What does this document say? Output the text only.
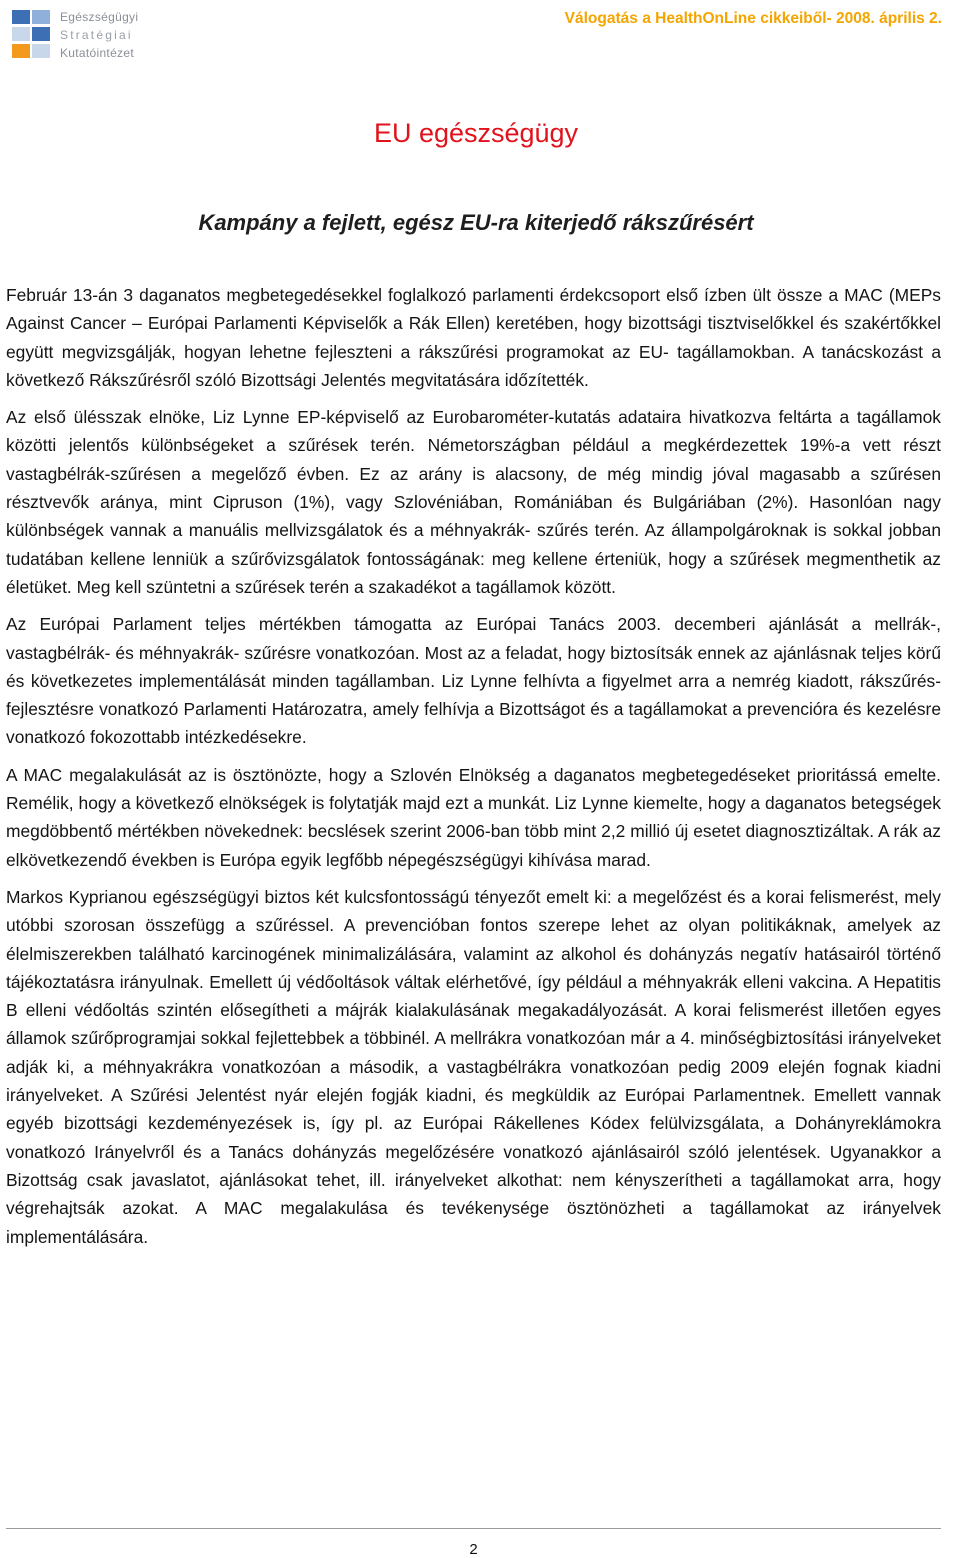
Egészségügyi
Stratégiai
Kutatóintézet
Válogatás a HealthOnLine cikkeiből- 2008. április 2.
EU egészségügy
Kampány a fejlett, egész EU-ra kiterjedő rákszűrésért

Február 13-án 3 daganatos megbetegedésekkel foglalkozó parlamenti érdekcsoport első ízben ült össze a MAC (MEPs Against Cancer – Európai Parlamenti Képviselők a Rák Ellen) keretében, hogy bizottsági tisztviselőkkel és szakértőkkel együtt megvizsgálják, hogyan lehetne fejleszteni a rákszűrési programokat az EU- tagállamokban. A tanácskozást a következő Rákszűrésről szóló Bizottsági Jelentés megvitatására időzítették.

Az első ülésszak elnöke, Liz Lynne EP-képviselő az Eurobarométer-kutatás adataira hivatkozva feltárta a tagállamok közötti jelentős különbségeket a szűrések terén. Németországban például a megkérdezettek 19%-a vett részt vastagbélrák-szűrésen a megelőző évben. Ez az arány is alacsony, de még mindig jóval magasabb a szűrésen résztvevők aránya, mint Cipruson (1%), vagy Szlovéniában, Romániában és Bulgáriában (2%). Hasonlóan nagy különbségek vannak a manuális mellvizsgálatok és a méhnyakrák- szűrés terén. Az állampolgároknak is sokkal jobban tudatában kellene lenniük a szűrővizsgálatok fontosságának: meg kellene érteniük, hogy a szűrések megmenthetik az életüket. Meg kell szüntetni a szűrések terén a szakadékot a tagállamok között.

Az Európai Parlament teljes mértékben támogatta az Európai Tanács 2003. decemberi ajánlását a mellrák-, vastagbélrák- és méhnyakrák- szűrésre vonatkozóan. Most az a feladat, hogy biztosítsák ennek az ajánlásnak teljes körű és következetes implementálását minden tagállamban. Liz Lynne felhívta a figyelmet arra a nemrég kiadott, rákszűrés-fejlesztésre vonatkozó Parlamenti Határozatra, amely felhívja a Bizottságot és a tagállamokat a prevencióra és kezelésre vonatkozó fokozottabb intézkedésekre.

A MAC megalakulását az is ösztönözte, hogy a Szlovén Elnökség a daganatos megbetegedéseket prioritássá emelte. Remélik, hogy a következő elnökségek is folytatják majd ezt a munkát. Liz Lynne kiemelte, hogy a daganatos betegségek megdöbbentő mértékben növekednek: becslések szerint 2006-ban több mint 2,2 millió új esetet diagnosztizáltak. A rák az elkövetkezendő években is Európa egyik legfőbb népegészségügyi kihívása marad.

Markos Kyprianou egészségügyi biztos két kulcsfontosságú tényezőt emelt ki: a megelőzést és a korai felismerést, mely utóbbi szorosan összefügg a szűréssel. A prevencióban fontos szerepe lehet az olyan politikáknak, amelyek az élelmiszerekben található karcinogének minimalizálására, valamint az alkohol és dohányzás negatív hatásairól történő tájékoztatásra irányulnak. Emellett új védőoltások váltak elérhetővé, így például a méhnyakrák elleni vakcina. A Hepatitis B elleni védőoltás szintén elősegítheti a májrák kialakulásának megakadályozását. A korai felismerést illetően egyes államok szűrőprogramjai sokkal fejlettebbek a többinél. A mellrákra vonatkozóan már a 4. minőségbiztosítási irányelveket adják ki, a méhnyakrákra vonatkozóan a második, a vastagbélrákra vonatkozóan pedig 2009 elején fognak kiadni irányelveket. A Szűrési Jelentést nyár elején fogják kiadni, és megküldik az Európai Parlamentnek. Emellett vannak egyéb bizottsági kezdeményezések is, így pl. az Európai Rákellenes Kódex felülvizsgálata, a Dohányreklámokra vonatkozó Irányelvről és a Tanács dohányzás megelőzésére vonatkozó ajánlásairól szóló jelentések. Ugyanakkor a Bizottság csak javaslatot, ajánlásokat tehet, ill. irányelveket alkothat: nem kényszerítheti a tagállamokat arra, hogy végrehajtsák azokat. A MAC megalakulása és tevékenysége ösztönözheti a tagállamokat az irányelvek implementálására.

2
